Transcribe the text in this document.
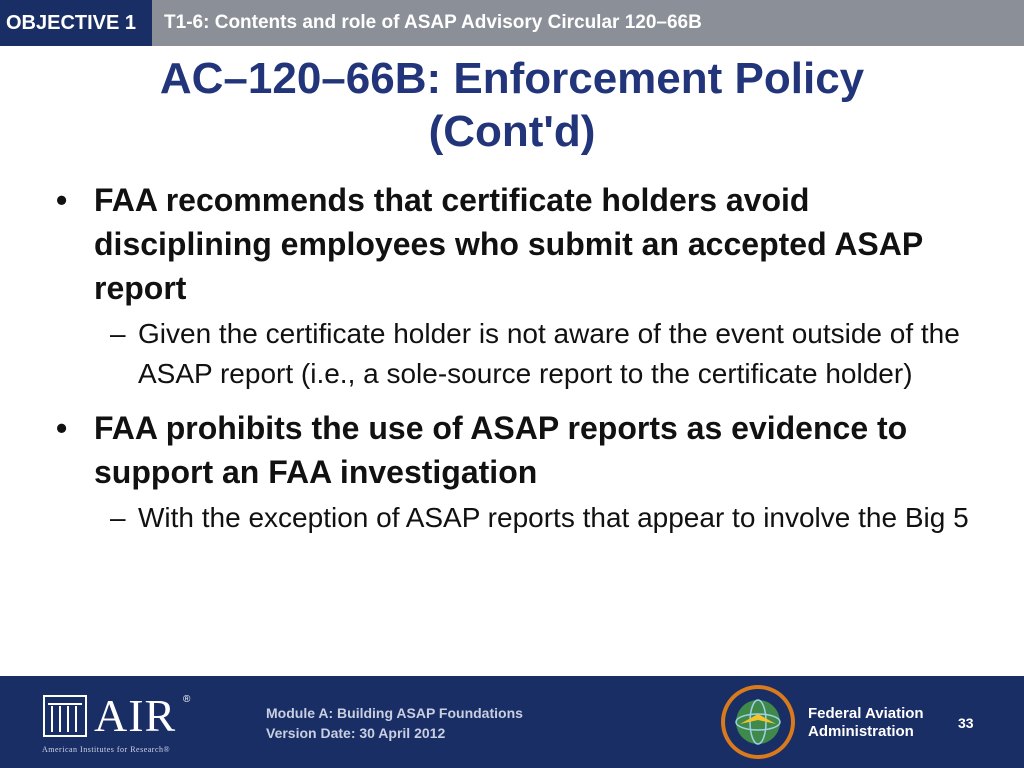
OBJECTIVE 1	T1-6: Contents and role of ASAP Advisory Circular 120–66B
AC–120–66B: Enforcement Policy
(Cont'd)

• FAA recommends that certificate holders avoid disciplining employees who submit an accepted ASAP report

– Given the certificate holder is not aware of the event outside of the ASAP report (i.e., a sole-source report to the certificate holder)

• FAA prohibits the use of ASAP reports as evidence to support an FAA investigation

– With the exception of ASAP reports that appear to involve the Big 5

AIR ®
American Institutes for Research®
Module A: Building ASAP Foundations
Version Date: 30 April 2012
Federal Aviation
Administration	33
